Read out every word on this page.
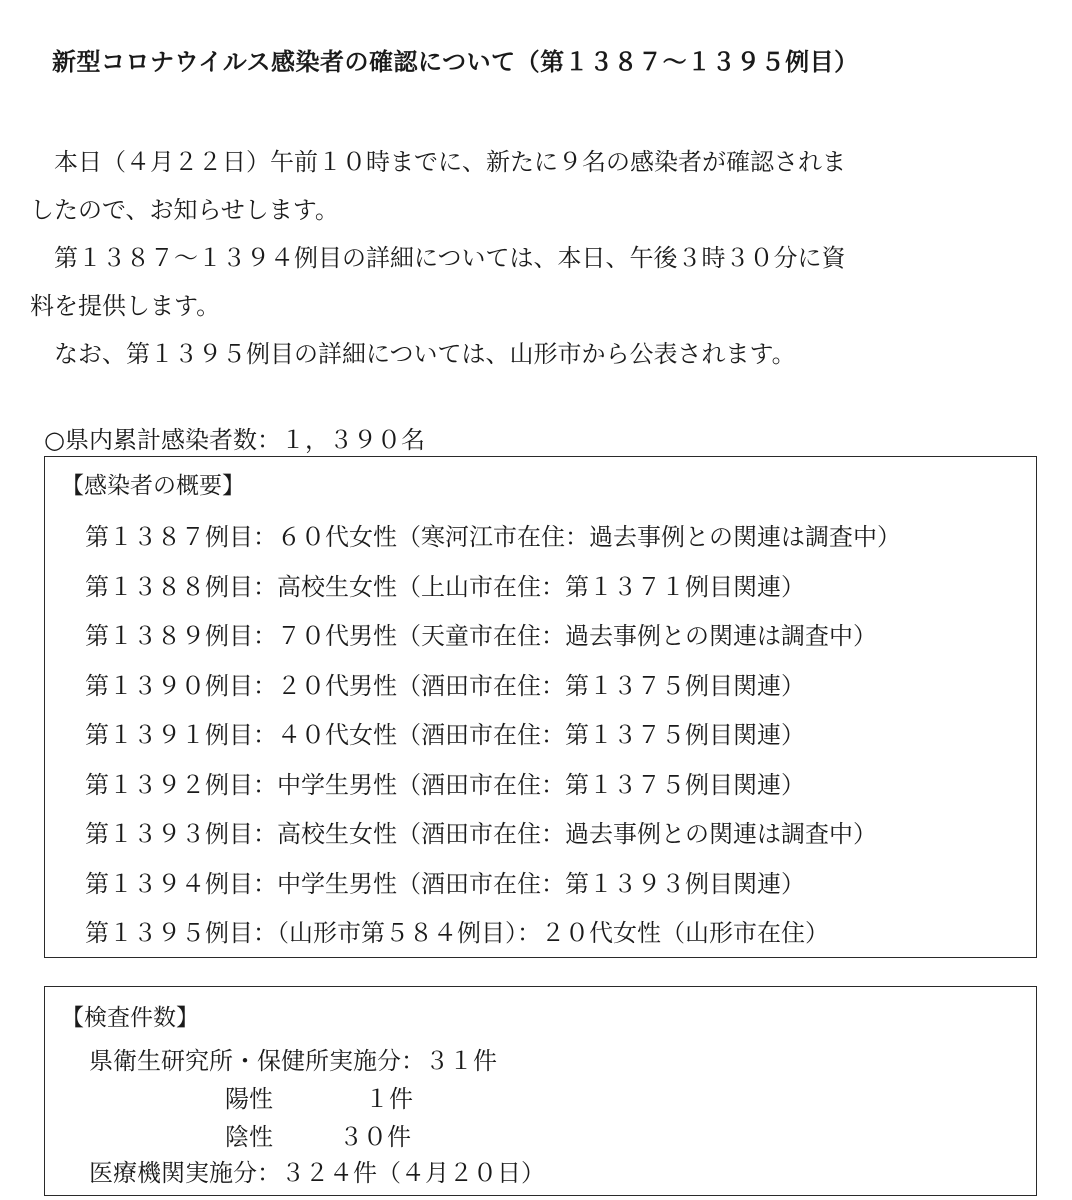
新型コロナウイルス感染者の確認について（第１３８７～１３９５例目）
　本日（４月２２日）午前１０時までに、新たに９名の感染者が確認されま
したので、お知らせします。
　第１３８７～１３９４例目の詳細については、本日、午後３時３０分に資
料を提供します。
　なお、第１３９５例目の詳細については、山形市から公表されます。
○県内累計感染者数：１，３９０名
【感染者の概要】
第１３８７例目：６０代女性（寒河江市在住：過去事例との関連は調査中）
第１３８８例目：高校生女性（上山市在住：第１３７１例目関連）
第１３８９例目：７０代男性（天童市在住：過去事例との関連は調査中）
第１３９０例目：２０代男性（酒田市在住：第１３７５例目関連）
第１３９１例目：４０代女性（酒田市在住：第１３７５例目関連）
第１３９２例目：中学生男性（酒田市在住：第１３７５例目関連）
第１３９３例目：高校生女性（酒田市在住：過去事例との関連は調査中）
第１３９４例目：中学生男性（酒田市在住：第１３９３例目関連）
第１３９５例目：（山形市第５８４例目）：２０代女性（山形市在住）
【検査件数】
県衛生研究所・保健所実施分：３１件
陽性	１件
陰性	３０件
医療機関実施分：３２４件（４月２０日）
